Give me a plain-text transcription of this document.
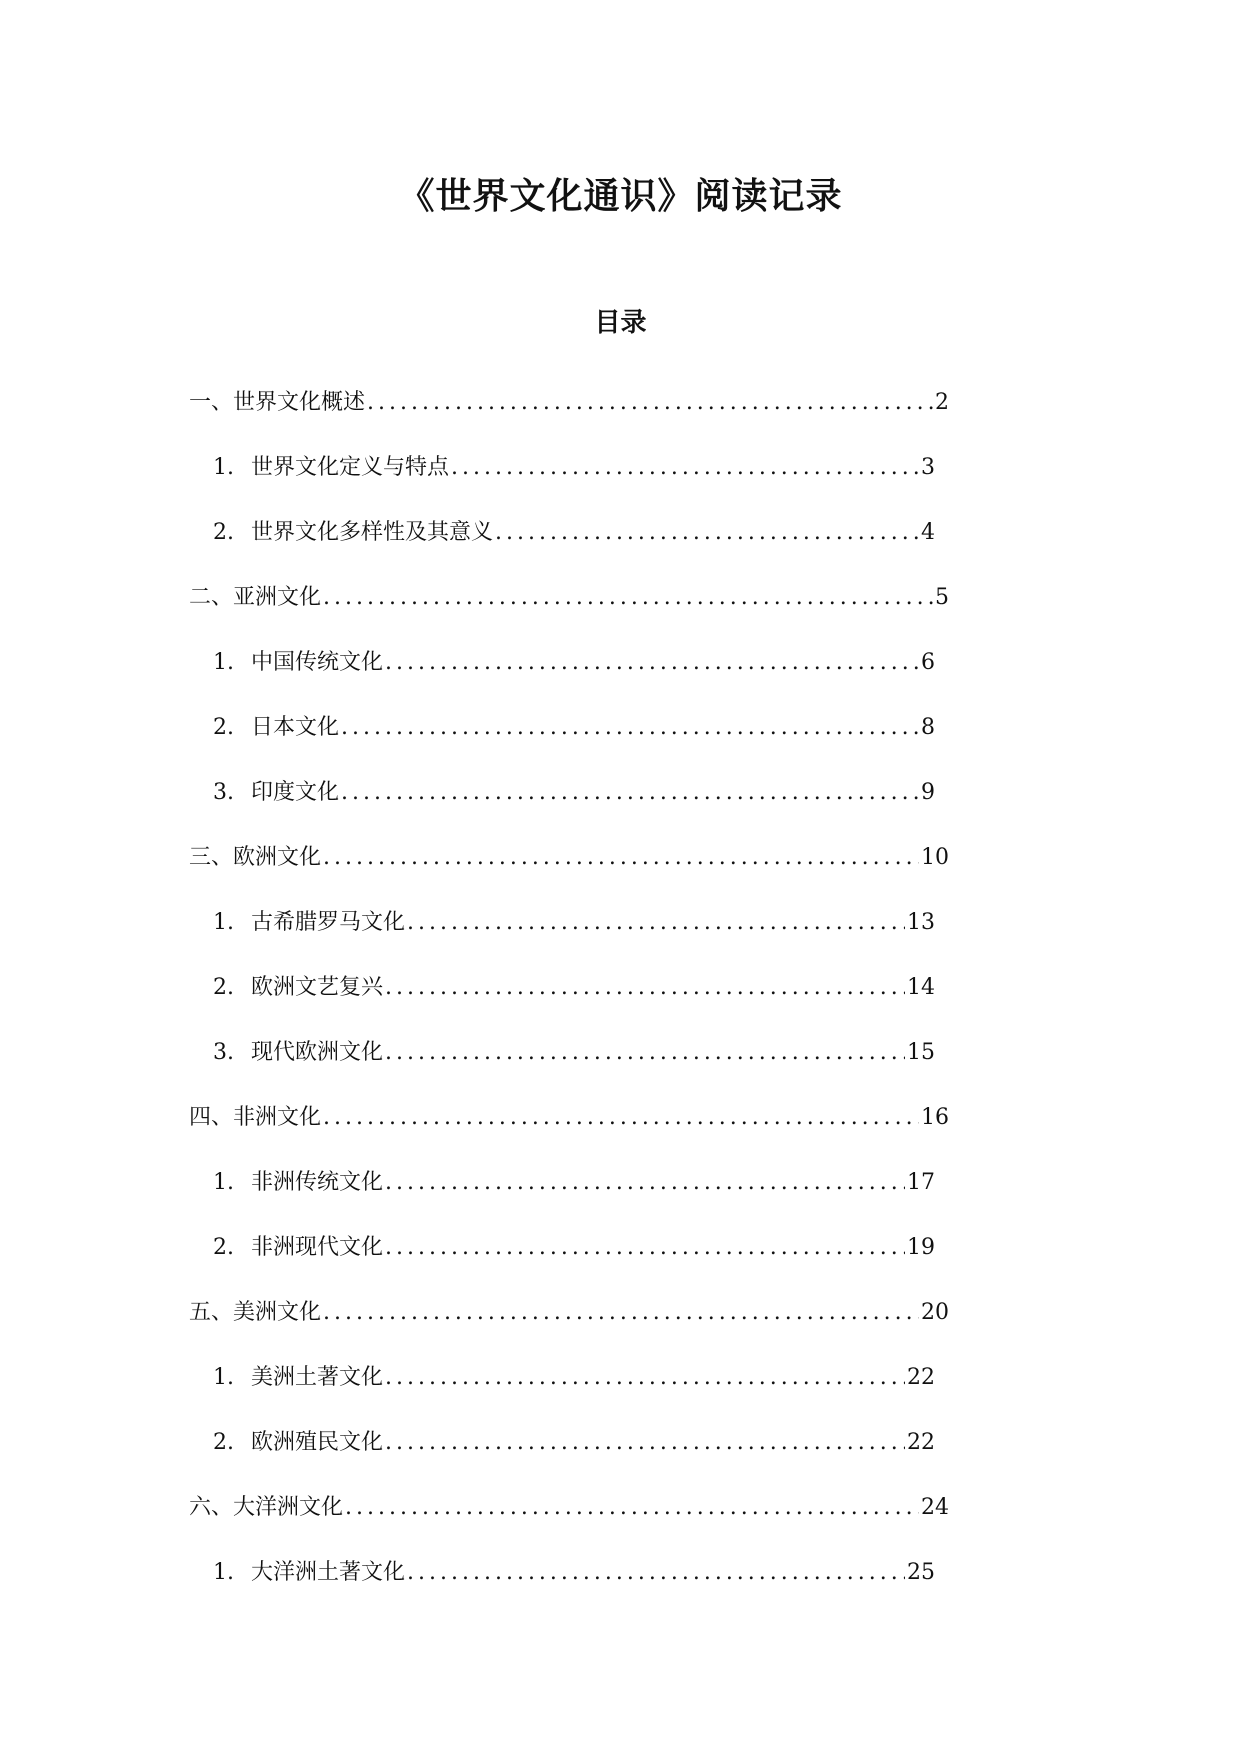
《世界文化通识》阅读记录
目录
一、世界文化概述 .....	2
1. 世界文化定义与特点 .....	3
2. 世界文化多样性及其意义 .....	4
二、亚洲文化 .....	5
1. 中国传统文化 .....	6
2. 日本文化 .....	8
3. 印度文化 .....	9
三、欧洲文化 .....	10
1. 古希腊罗马文化 .....	13
2. 欧洲文艺复兴 .....	14
3. 现代欧洲文化 .....	15
四、非洲文化 .....	16
1. 非洲传统文化 .....	17
2. 非洲现代文化 .....	19
五、美洲文化 .....	20
1. 美洲土著文化 .....	22
2. 欧洲殖民文化 .....	22
六、大洋洲文化 .....	24
1. 大洋洲土著文化 .....	25
